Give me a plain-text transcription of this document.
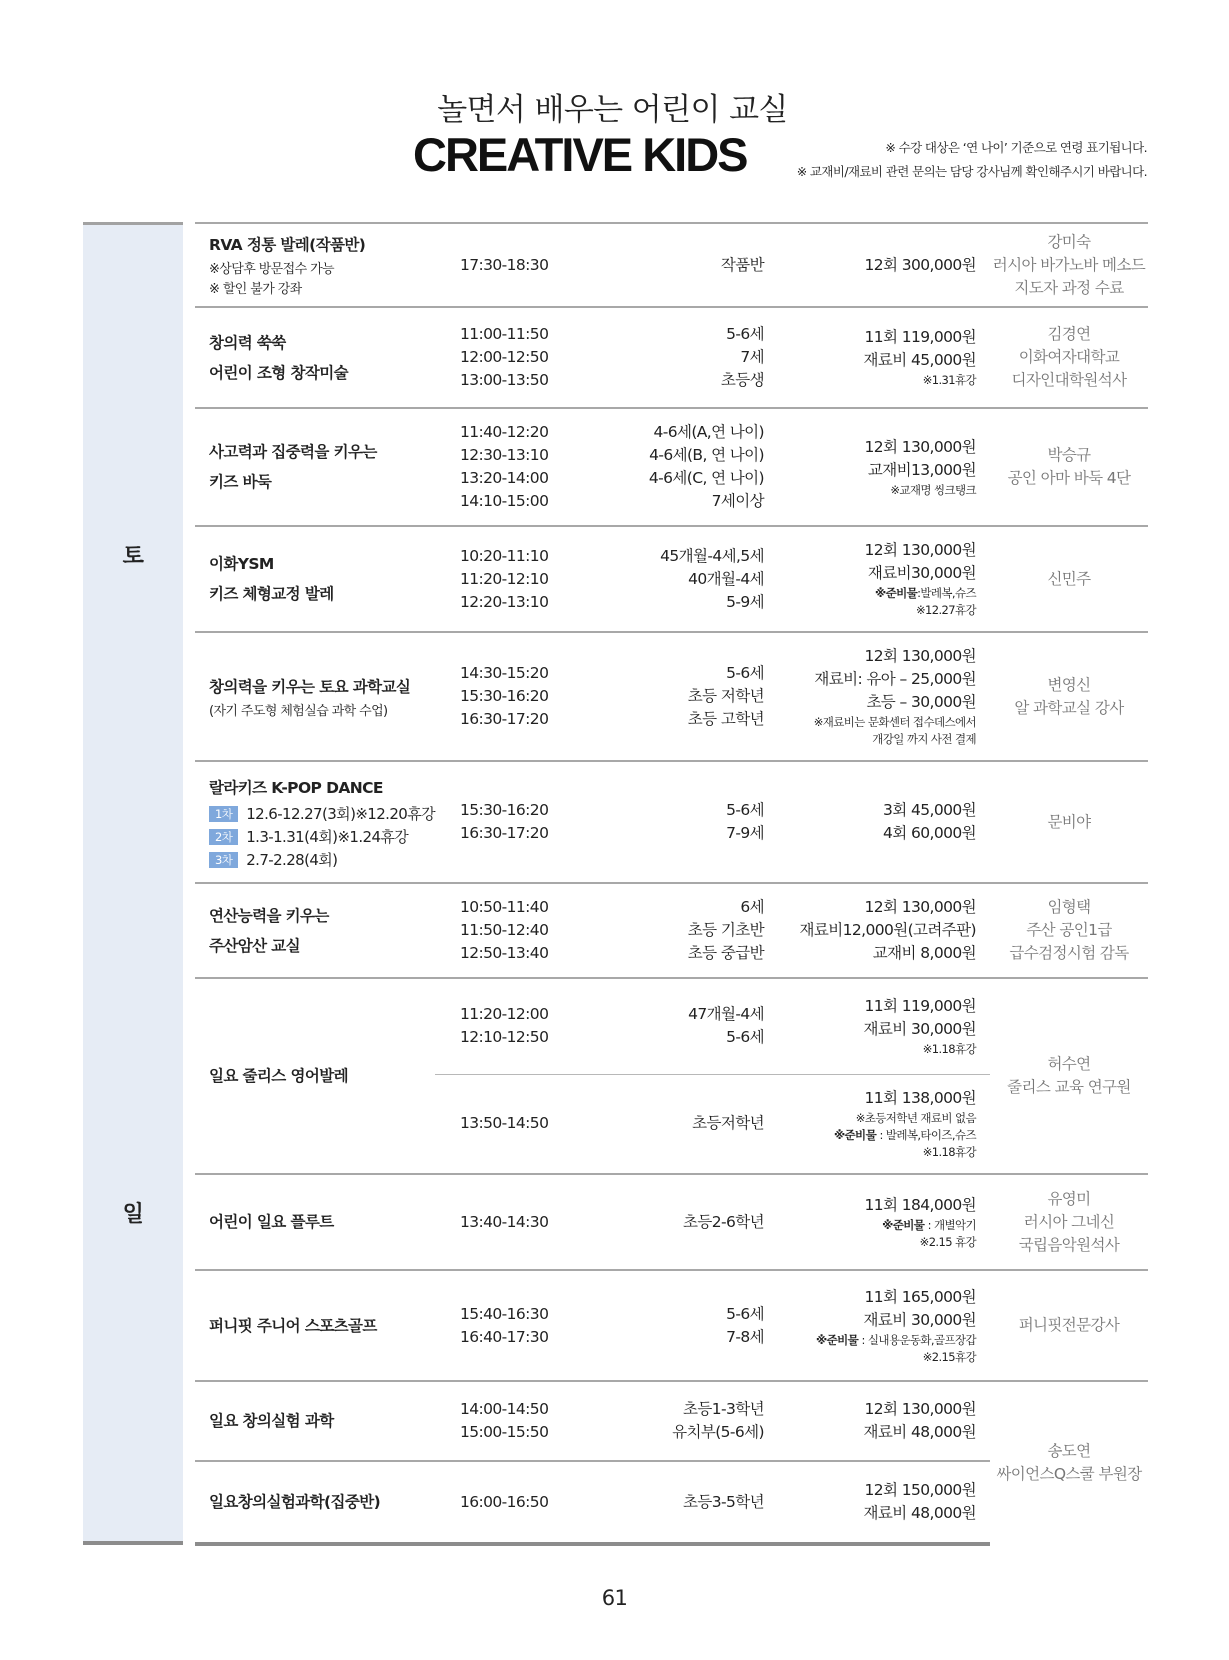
놀면서 배우는 어린이 교실
CREATIVE KIDS	※ 수강 대상은 ‘연 나이’ 기준으로 연령 표기됩니다.
※ 교재비/재료비 관련 문의는 담당 강사님께 확인해주시기 바랍니다.
토
일
RVA 정통 발레(작품반)
※상담후 방문접수 가능
※ 할인 불가 강좌	17:30-18:30	작품반	12회 300,000원	강미숙
러시아 바가노바 메소드
지도자 과정 수료

창의력 쑥쑥
어린이 조형 창작미술	11:00-11:50
12:00-12:50
13:00-13:50	5-6세
7세
초등생	11회 119,000원
재료비 45,000원
※1.31휴강	김경연
이화여자대학교
디자인대학원석사

사고력과 집중력을 키우는
키즈 바둑	11:40-12:20
12:30-13:10
13:20-14:00
14:10-15:00	4-6세(A,연 나이)
4-6세(B, 연 나이)
4-6세(C, 연 나이)
7세이상	12회 130,000원
교재비13,000원
※교재명 씽크탱크	박승규
공인 아마 바둑 4단

이화YSM
키즈 체형교정 발레	10:20-11:10
11:20-12:10
12:20-13:10	45개월-4세,5세
40개월-4세
5-9세	12회 130,000원
재료비30,000원
※준비물:발레복,슈즈
※12.27휴강	신민주

창의력을 키우는 토요 과학교실
(자기 주도형 체험실습 과학 수업)	14:30-15:20
15:30-16:20
16:30-17:20	5-6세
초등 저학년
초등 고학년	12회 130,000원
재료비: 유아 – 25,000원
초등 – 30,000원
※재료비는 문화센터 접수데스에서
개강일 까지 사전 결제	변영신
알 과학교실 강사

랄라키즈 K-POP DANCE
1차 12.6-12.27(3회)※12.20휴강
2차 1.3-1.31(4회)※1.24휴강
3차 2.7-2.28(4회)	15:30-16:20
16:30-17:20	5-6세
7-9세	3회 45,000원
4회 60,000원	문비야

연산능력을 키우는
주산암산 교실	10:50-11:40
11:50-12:40
12:50-13:40	6세
초등 기초반
초등 중급반	12회 130,000원
재료비12,000원(고려주판)
교재비 8,000원	임형택
주산 공인1급
급수검정시험 감독

일요 줄리스 영어발레	11:20-12:00
12:10-12:50	47개월-4세
5-6세	11회 119,000원
재료비 30,000원
※1.18휴강	허수연
줄리스 교육 연구원

	13:50-14:50	초등저학년	11회 138,000원
※초등저학년 재료비 없음
※준비물 : 발레복,타이즈,슈즈
※1.18휴강	

어린이 일요 플루트	13:40-14:30	초등2-6학년	11회 184,000원
※준비물 : 개별악기
※2.15 휴강	유영미
러시아 그네신
국립음악원석사

퍼니핏 주니어 스포츠골프	15:40-16:30
16:40-17:30	5-6세
7-8세	11회 165,000원
재료비 30,000원
※준비물 : 실내용운동화,골프장갑
※2.15휴강	퍼니핏전문강사

일요 창의실험 과학	14:00-14:50
15:00-15:50	초등1-3학년
유치부(5-6세)	12회 130,000원
재료비 48,000원	송도연
싸이언스Q스쿨 부원장

일요창의실험과학(집중반)	16:00-16:50	초등3-5학년	12회 150,000원
재료비 48,000원	
61
